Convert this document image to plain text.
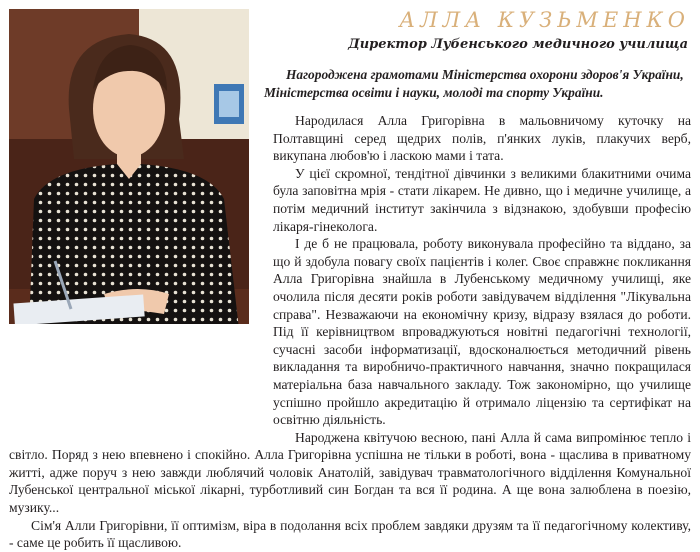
АЛЛА КУЗЬМЕНКО
Директор Лубенського медичного училища
Нагороджена грамотами Міністерства охорони здоров'я України,
Міністерства освіти і науки, молоді та спорту України.

Народилася Алла Григорівна в мальовничому куточку на Полтавщині серед щедрих полів, п'янких луків, плакучих верб, викупана любов'ю і ласкою мами і тата.

У цієї скромної, тендітної дівчинки з великими блакитними очима була заповітна мрія - стати лікарем. Не дивно, що і медичне училище, а потім медичний інститут закінчила з відзнакою, здобувши професію лікаря-гінеколога.

І де б не працювала, роботу виконувала професійно та віддано, за що й здобула повагу своїх пацієнтів і колег. Своє справжнє покликання Алла Григорівна знайшла в Лубенському медичному училищі, яке очолила після десяти років роботи завідувачем відділення "Лікувальна справа". Незважаючи на економічну кризу, відразу взялася до роботи. Під її керівництвом впроваджуються новітні педагогічні технології, сучасні засоби інформатизації, вдосконалюється методичний рівень викладання та виробничо-практичного навчання, значно покращилася матеріальна база навчального закладу. Тож закономірно, що училище успішно пройшло акредитацію й отримало ліцензію та сертифікат на освітню діяльність.

Народжена квітучою весною, пані Алла й сама випромінює тепло і світло. Поряд з нею впевнено і спокійно. Алла Григорівна успішна не тільки в роботі, вона - щаслива в приватному житті, адже поруч з нею завжди люблячий чоловік Анатолій, завідувач травматологічного відділення Комунальної Лубенської центральної міської лікарні, турботливий син Богдан та вся її родина. А ще вона залюблена в поезію, музику...

Сім'я Алли Григорівни, її оптимізм, віра в подолання всіх проблем завдяки друзям та її педагогічному колективу, - саме це робить її щасливою.
